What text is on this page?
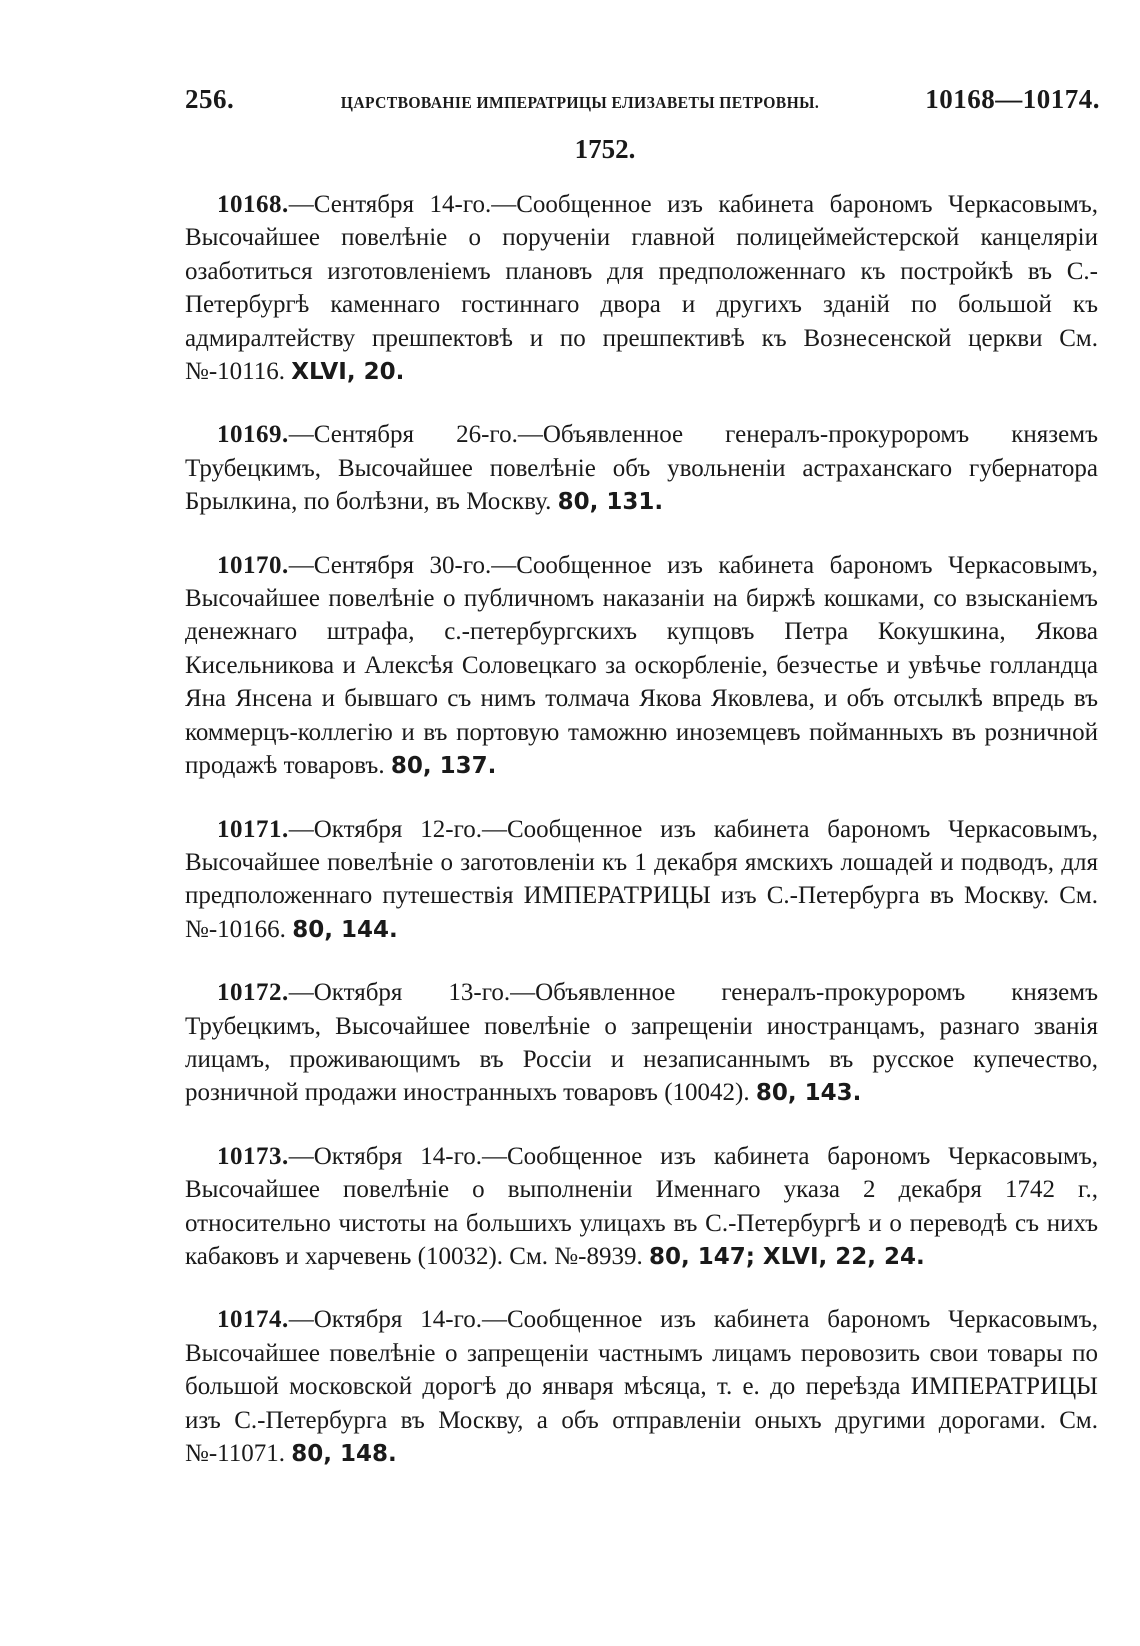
256.	ЦАРСТВОВАНІЕ ИМПЕРАТРИЦЫ ЕЛИЗАВЕТЫ ПЕТРОВНЫ.	10168—10174.
1752.

10168.—Сентября 14-го.—Сообщенное изъ кабинета барономъ Черкасовымъ, Высочайшее повелѣніе о порученіи главной полицеймейстерской канцеляріи озаботиться изготовленіемъ плановъ для предположеннаго къ постройкѣ въ С.-Петербургѣ каменнаго гостиннаго двора и другихъ зданій по большой къ адмиралтейству прешпектовѣ и по прешпективѣ къ Вознесенской церкви См. №-10116. XLVI, 20.

10169.—Сентября 26-го.—Объявленное генералъ-прокуроромъ княземъ Трубецкимъ, Высочайшее повелѣніе объ увольненіи астраханскаго губернатора Брылкина, по болѣзни, въ Москву. 80, 131.

10170.—Сентября 30-го.—Сообщенное изъ кабинета барономъ Черкасовымъ, Высочайшее повелѣніе о публичномъ наказаніи на биржѣ кошками, со взысканіемъ денежнаго штрафа, с.-петербургскихъ купцовъ Петра Кокушкина, Якова Кисельникова и Алексѣя Соловецкаго за оскорбленіе, безчестье и увѣчье голландца Яна Янсена и бывшаго съ нимъ толмача Якова Яковлева, и объ отсылкѣ впредь въ коммерцъ-коллегію и въ портовую таможню иноземцевъ пойманныхъ въ розничной продажѣ товаровъ. 80, 137.

10171.—Октября 12-го.—Сообщенное изъ кабинета барономъ Черкасовымъ, Высочайшее повелѣніе о заготовленіи къ 1 декабря ямскихъ лошадей и подводъ, для предположеннаго путешествія ИМПЕРАТРИЦЫ изъ С.-Петербурга въ Москву. См. №-10166. 80, 144.

10172.—Октября 13-го.—Объявленное генералъ-прокуроромъ княземъ Трубецкимъ, Высочайшее повелѣніе о запрещеніи иностранцамъ, разнаго званія лицамъ, проживающимъ въ Россіи и незаписаннымъ въ русское купечество, розничной продажи иностранныхъ товаровъ (10042). 80, 143.

10173.—Октября 14-го.—Сообщенное изъ кабинета барономъ Черкасовымъ, Высочайшее повелѣніе о выполненіи Именнаго указа 2 декабря 1742 г., относительно чистоты на большихъ улицахъ въ С.-Петербургѣ и о переводѣ съ нихъ кабаковъ и харчевень (10032). См. №-8939. 80, 147; XLVI, 22, 24.

10174.—Октября 14-го.—Сообщенное изъ кабинета барономъ Черкасовымъ, Высочайшее повелѣніе о запрещеніи частнымъ лицамъ перовозить свои товары по большой московской дорогѣ до января мѣсяца, т. е. до переѣзда ИМПЕРАТРИЦЫ изъ С.-Петербурга въ Москву, а объ отправленіи оныхъ другими дорогами. См. №-11071. 80, 148.
